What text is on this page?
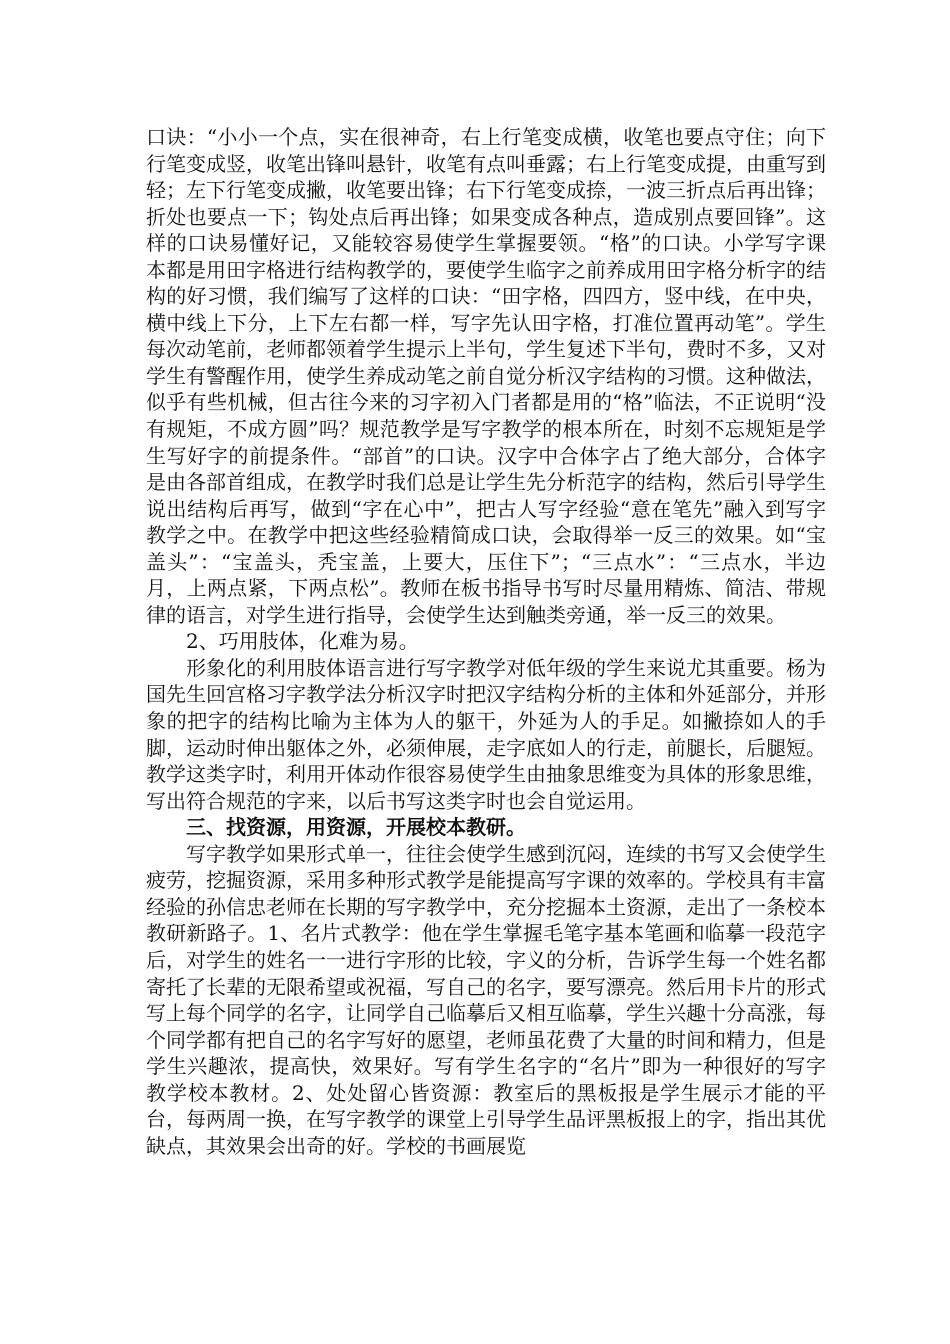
口诀：“小小一个点，实在很神奇，右上行笔变成横，收笔也要点守住；向下行笔变成竖，收笔出锋叫悬针，收笔有点叫垂露；右上行笔变成提，由重写到轻；左下行笔变成撇，收笔要出锋；右下行笔变成捺，一波三折点后再出锋；折处也要点一下；钩处点后再出锋；如果变成各种点，造成别点要回锋”。这样的口诀易懂好记，又能较容易使学生掌握要领。“格”的口诀。小学写字课本都是用田字格进行结构教学的，要使学生临字之前养成用田字格分析字的结构的好习惯，我们编写了这样的口诀：“田字格，四四方，竖中线，在中央，横中线上下分，上下左右都一样，写字先认田字格，打准位置再动笔”。学生每次动笔前，老师都领着学生提示上半句，学生复述下半句，费时不多，又对学生有警醒作用，使学生养成动笔之前自觉分析汉字结构的习惯。这种做法，似乎有些机械，但古往今来的习字初入门者都是用的“格”临法，不正说明“没有规矩，不成方圆”吗？规范教学是写字教学的根本所在，时刻不忘规矩是学生写好字的前提条件。“部首”的口诀。汉字中合体字占了绝大部分，合体字是由各部首组成，在教学时我们总是让学生先分析范字的结构，然后引导学生说出结构后再写，做到“字在心中”，把古人写字经验“意在笔先”融入到写字教学之中。在教学中把这些经验精简成口诀，会取得举一反三的效果。如“宝盖头”：“宝盖头，秃宝盖，上要大，压住下”；“三点水”：“三点水，半边月，上两点紧，下两点松”。教师在板书指导书写时尽量用精炼、简洁、带规律的语言，对学生进行指导，会使学生达到触类旁通，举一反三的效果。

2、巧用肢体，化难为易。

形象化的利用肢体语言进行写字教学对低年级的学生来说尤其重要。杨为国先生回宫格习字教学法分析汉字时把汉字结构分析的主体和外延部分，并形象的把字的结构比喻为主体为人的躯干，外延为人的手足。如撇捺如人的手脚，运动时伸出躯体之外，必须伸展，走字底如人的行走，前腿长，后腿短。教学这类字时，利用开体动作很容易使学生由抽象思维变为具体的形象思维，写出符合规范的字来，以后书写这类字时也会自觉运用。

三、找资源，用资源，开展校本教研。

写字教学如果形式单一，往往会使学生感到沉闷，连续的书写又会使学生疲劳，挖掘资源，采用多种形式教学是能提高写字课的效率的。学校具有丰富经验的孙信忠老师在长期的写字教学中，充分挖掘本土资源，走出了一条校本教研新路子。1、名片式教学：他在学生掌握毛笔字基本笔画和临摹一段范字后，对学生的姓名一一进行字形的比较，字义的分析，告诉学生每一个姓名都寄托了长辈的无限希望或祝福，写自己的名字，要写漂亮。然后用卡片的形式写上每个同学的名字，让同学自己临摹后又相互临摹，学生兴趣十分高涨，每个同学都有把自己的名字写好的愿望，老师虽花费了大量的时间和精力，但是学生兴趣浓，提高快，效果好。写有学生名字的“名片”即为一种很好的写字教学校本教材。2、处处留心皆资源：教室后的黑板报是学生展示才能的平台，每两周一换，在写字教学的课堂上引导学生品评黑板报上的字，指出其优缺点，其效果会出奇的好。学校的书画展览
